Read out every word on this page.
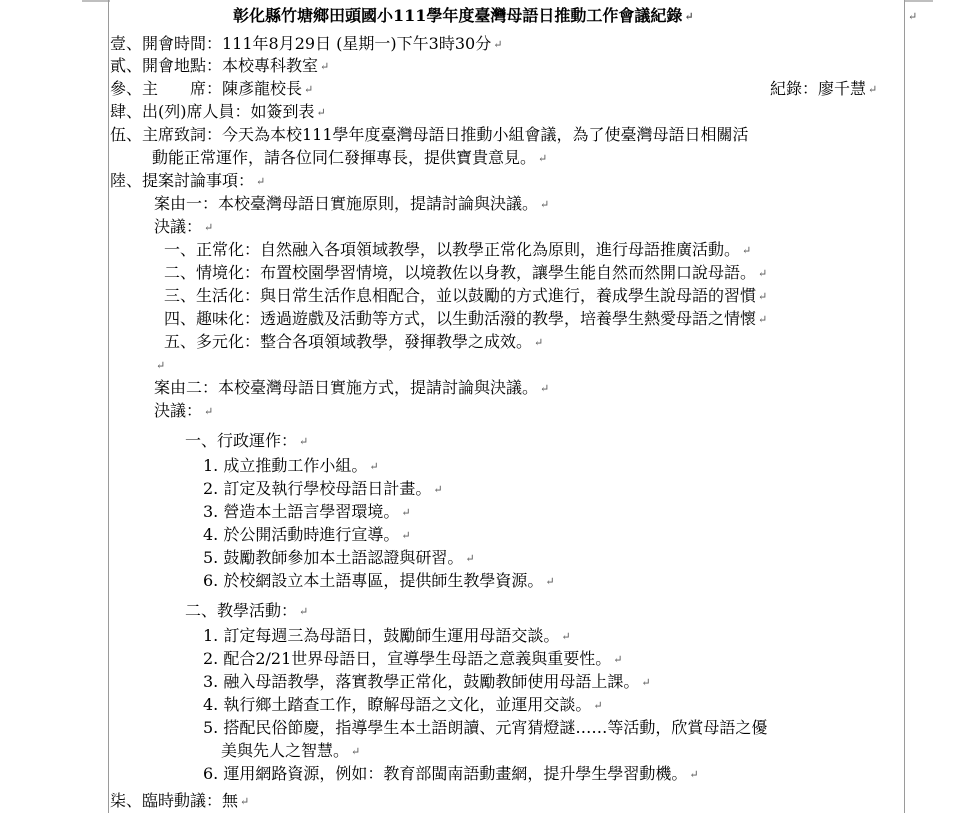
↵
彰化縣竹塘鄉田頭國小111學年度臺灣母語日推動工作會議紀錄 ↵
壹、開會時間：111年8月29日 (星期一)下午3時30分 ↵
貳、開會地點：本校專科教室 ↵
參、主　　席：陳彥龍校長 ↵	紀錄：廖千慧 ↵
肆、出(列)席人員：如簽到表 ↵
伍、主席致詞：今天為本校111學年度臺灣母語日推動小組會議，為了使臺灣母語日相關活
動能正常運作，請各位同仁發揮專長，提供寶貴意見。 ↵
陸、提案討論事項： ↵
案由一：本校臺灣母語日實施原則，提請討論與決議。 ↵
決議： ↵
一、正常化：自然融入各項領域教學，以教學正常化為原則，進行母語推廣活動。 ↵
二、情境化：布置校園學習情境，以境教佐以身教，讓學生能自然而然開口說母語。 ↵
三、生活化：與日常生活作息相配合，並以鼓勵的方式進行，養成學生說母語的習慣 ↵
四、趣味化：透過遊戲及活動等方式，以生動活潑的教學，培養學生熱愛母語之情懷 ↵
五、多元化：整合各項領域教學，發揮教學之成效。 ↵
↵
案由二：本校臺灣母語日實施方式，提請討論與決議。 ↵
決議： ↵
一、行政運作： ↵
1. 成立推動工作小組。 ↵
2. 訂定及執行學校母語日計畫。 ↵
3. 營造本土語言學習環境。 ↵
4. 於公開活動時進行宣導。 ↵
5. 鼓勵教師參加本土語認證與研習。 ↵
6. 於校網設立本土語專區，提供師生教學資源。 ↵
二、教學活動： ↵
1. 訂定每週三為母語日，鼓勵師生運用母語交談。 ↵
2. 配合2/21世界母語日，宣導學生母語之意義與重要性。 ↵
3. 融入母語教學，落實教學正常化，鼓勵教師使用母語上課。 ↵
4. 執行鄉土踏查工作，瞭解母語之文化，並運用交談。 ↵
5. 搭配民俗節慶，指導學生本土語朗讀、元宵猜燈謎……等活動，欣賞母語之優
美與先人之智慧。 ↵
6. 運用網路資源，例如：教育部閩南語動畫網，提升學生學習動機。 ↵
柒、臨時動議：無 ↵
